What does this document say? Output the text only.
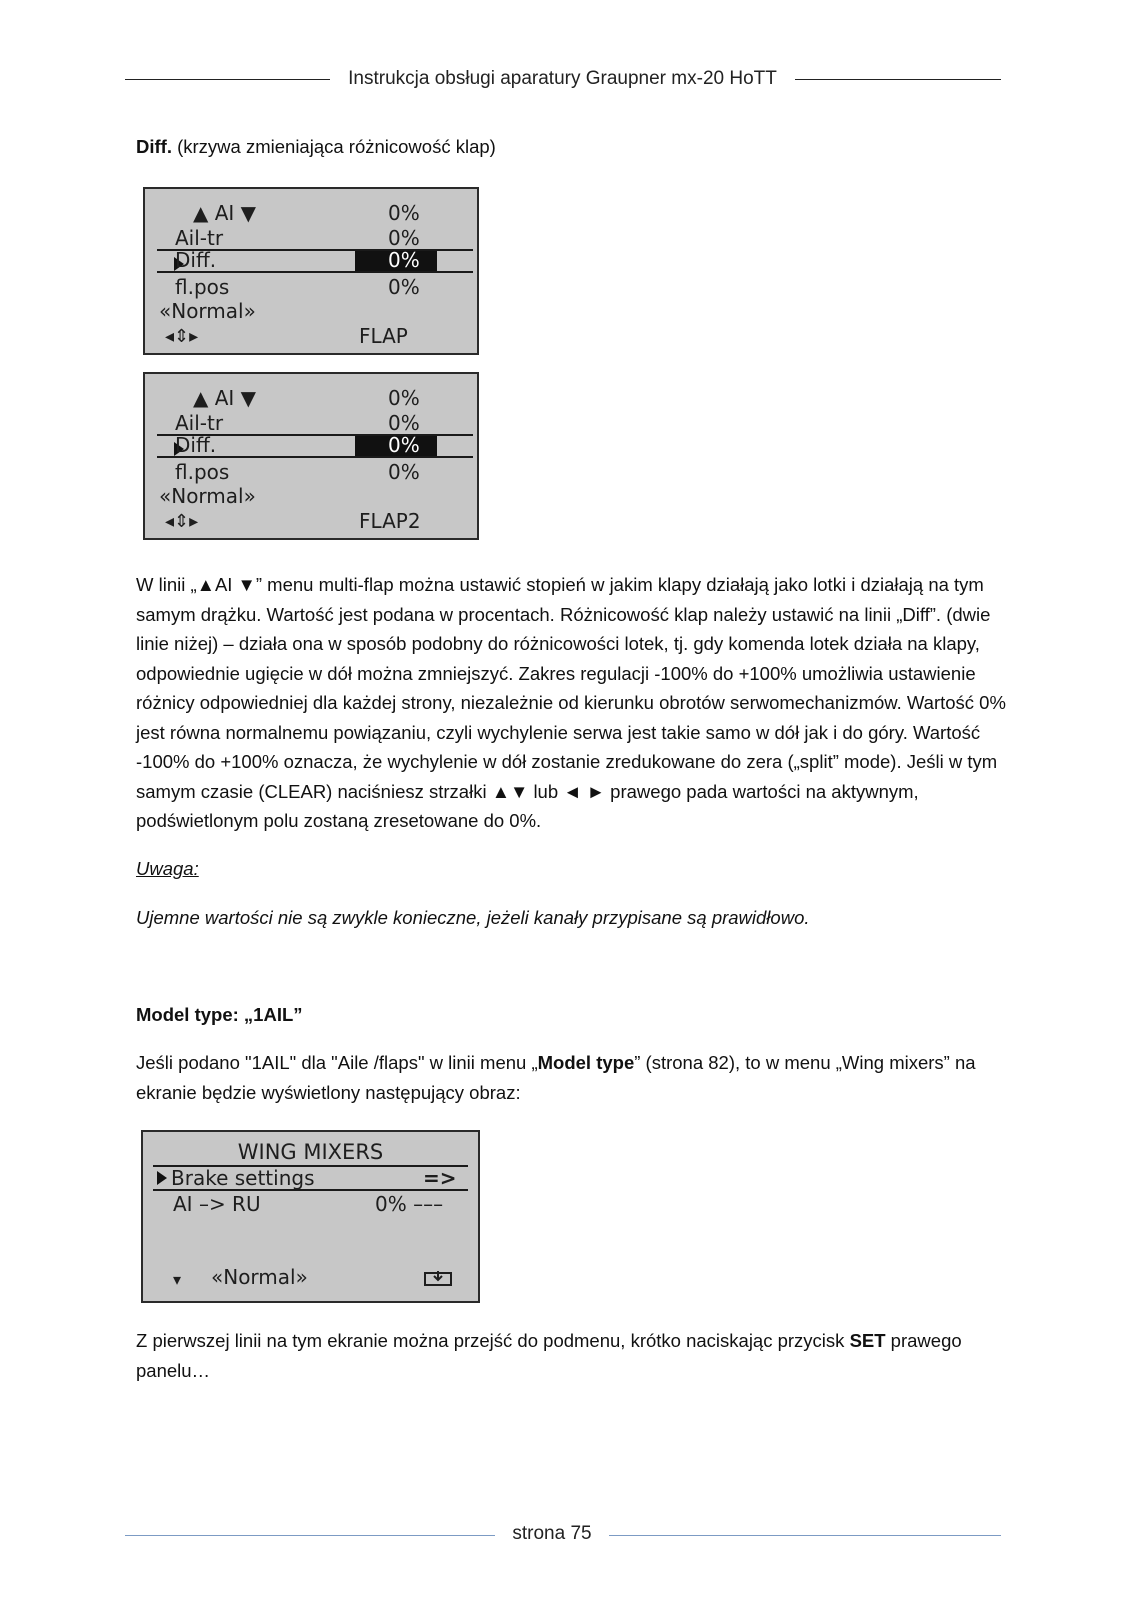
Instrukcja obsługi aparatury Graupner mx-20 HoTT
Diff. (krzywa zmieniająca różnicowość klap)
▲ AI ▼	0%
Ail-tr	0%
Diff.	0%
fl.pos	0%
«Normal»
◂⇕▸	FLAP
▲ AI ▼	0%
Ail-tr	0%
Diff.	0%
fl.pos	0%
«Normal»
◂⇕▸	FLAP2
W linii „▲AI ▼” menu multi-flap można ustawić stopień w jakim klapy działają jako lotki i działają na tym samym drążku. Wartość jest podana w procentach. Różnicowość klap należy ustawić na linii „Diff”. (dwie linie niżej) – działa ona w sposób podobny do różnicowości lotek, tj. gdy komenda lotek działa na klapy, odpowiednie ugięcie w dół można zmniejszyć. Zakres regulacji -100% do +100% umożliwia ustawienie różnicy odpowiedniej dla każdej strony, niezależnie od kierunku obrotów serwomechanizmów. Wartość 0% jest równa normalnemu powiązaniu, czyli wychylenie serwa jest takie samo w dół jak i do góry. Wartość -100% do +100% oznacza, że wychylenie w dół zostanie zredukowane do zera („split” mode). Jeśli w tym samym czasie (CLEAR) naciśniesz strzałki ▲▼ lub ◄ ► prawego pada wartości na aktywnym, podświetlonym polu zostaną zresetowane do 0%.
Uwaga:
Ujemne wartości nie są zwykle konieczne, jeżeli kanały przypisane są prawidłowo.
Model type: „1AIL”
Jeśli podano "1AIL" dla "Aile /flaps" w linii menu „Model type” (strona 82), to w menu „Wing mixers” na ekranie będzie wyświetlony następujący obraz:
WING MIXERS
Brake settings	=>
AI –> RU	0% –––
▾ «Normal»
Z pierwszej linii na tym ekranie można przejść do podmenu, krótko naciskając przycisk SET prawego panelu…
strona 75
